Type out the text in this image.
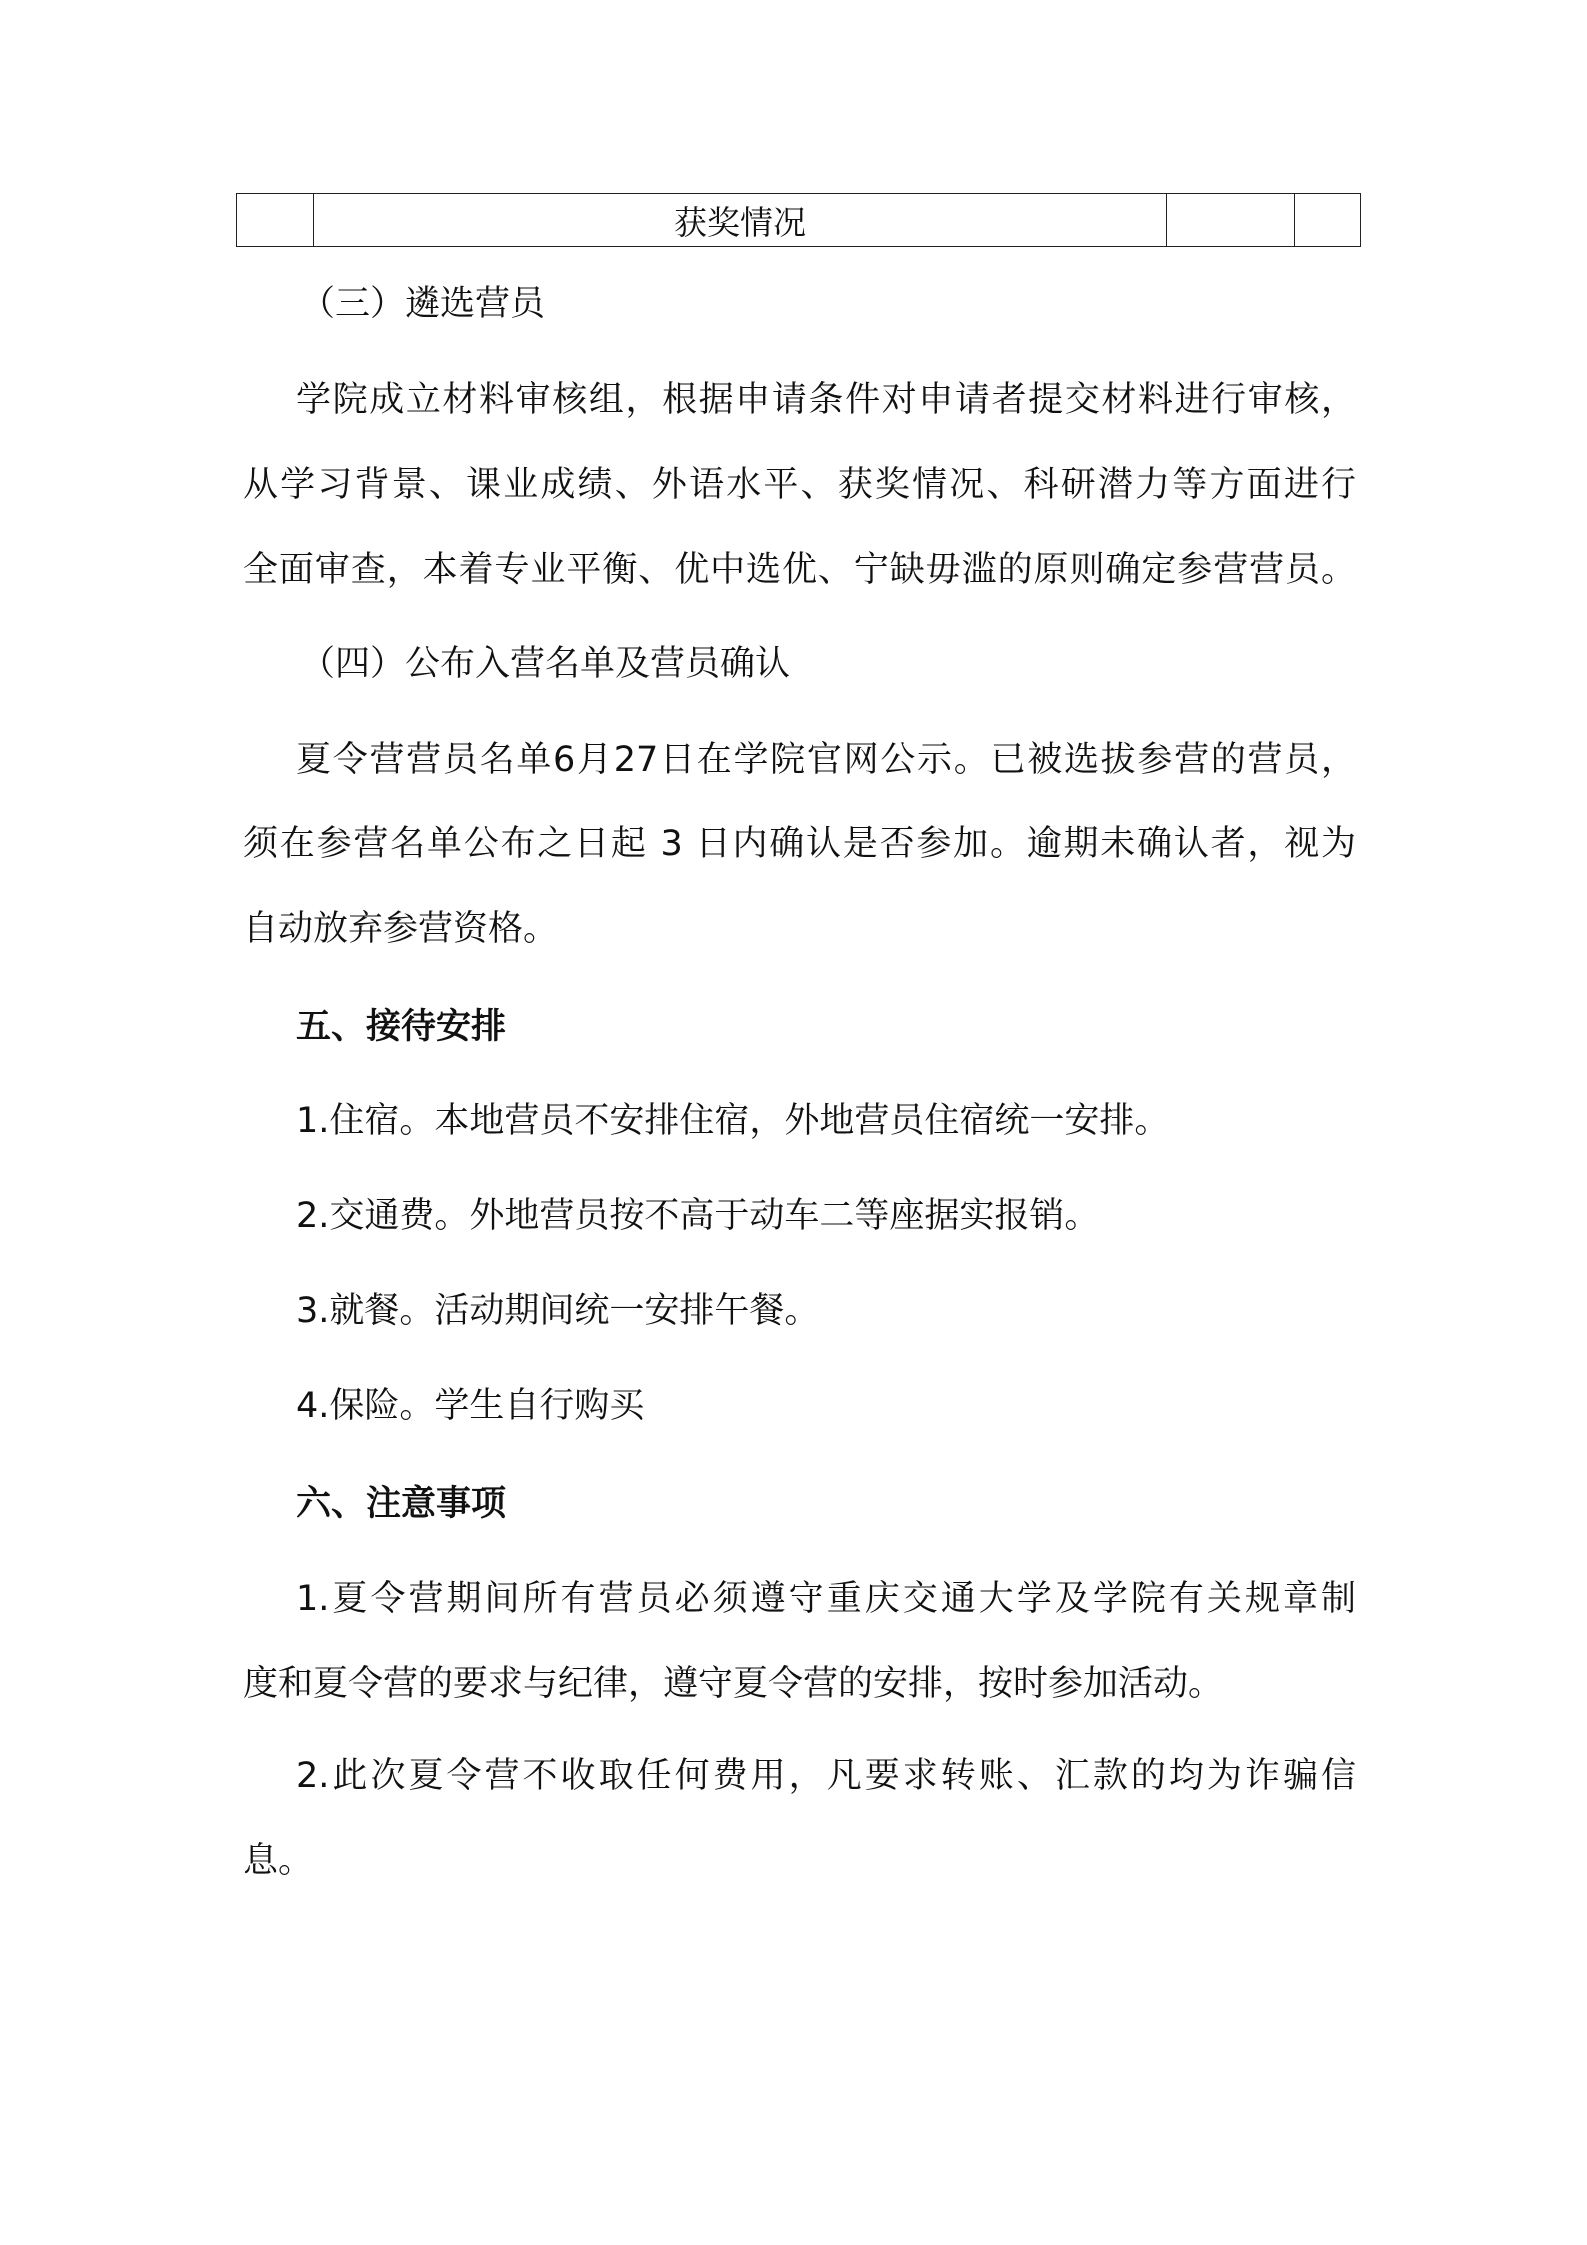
	获奖情况		
（三）遴选营员
学院成立材料审核组，根据申请条件对申请者提交材料进行审核，
从学习背景、课业成绩、外语水平、获奖情况、科研潜力等方面进行
全面审查，本着专业平衡、优中选优、宁缺毋滥的原则确定参营营员。
（四）公布入营名单及营员确认
夏令营营员名单6月27日在学院官网公示。已被选拔参营的营员，
须在参营名单公布之日起 3 日内确认是否参加。逾期未确认者，视为
自动放弃参营资格。
五、接待安排
1.住宿。本地营员不安排住宿，外地营员住宿统一安排。
2.交通费。外地营员按不高于动车二等座据实报销。
3.就餐。活动期间统一安排午餐。
4.保险。学生自行购买
六、注意事项
1.夏令营期间所有营员必须遵守重庆交通大学及学院有关规章制
度和夏令营的要求与纪律，遵守夏令营的安排，按时参加活动。
2.此次夏令营不收取任何费用，凡要求转账、汇款的均为诈骗信
息。
